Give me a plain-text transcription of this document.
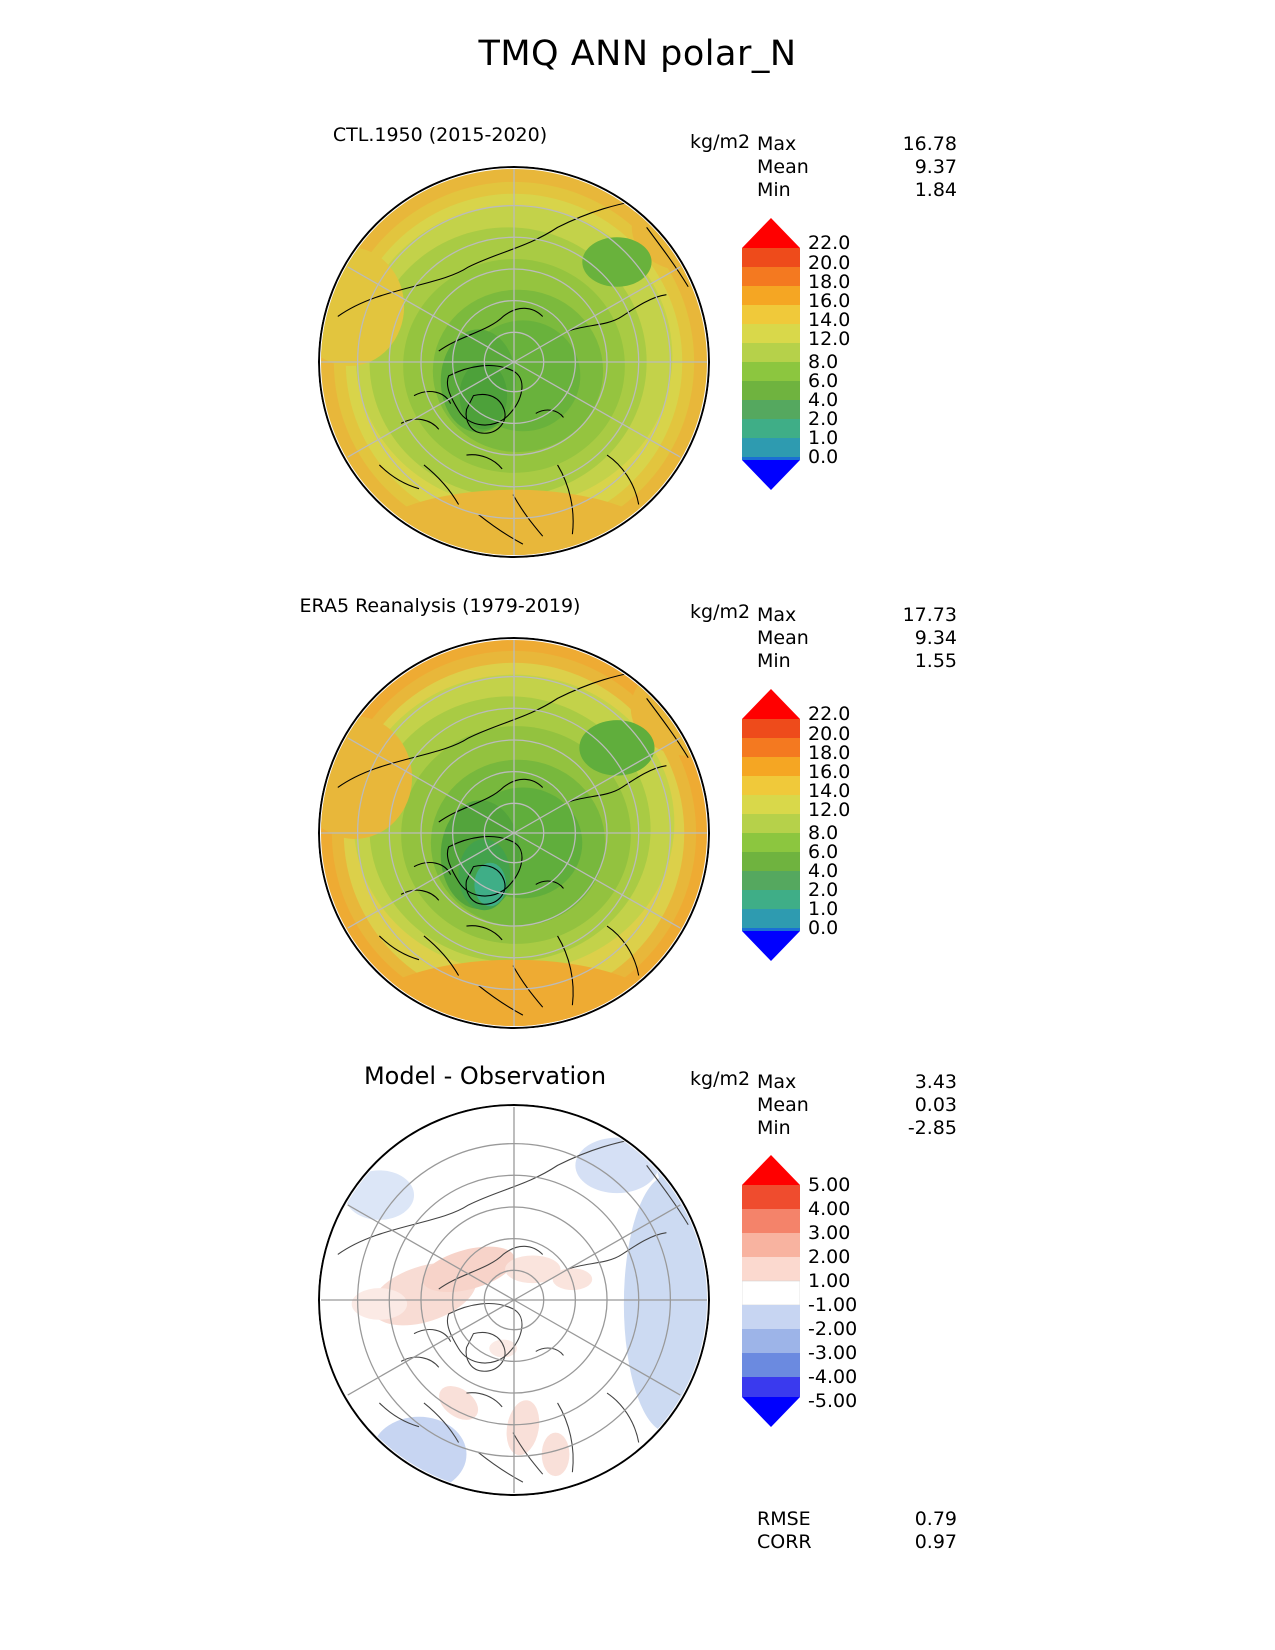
TMQ ANN polar_N
CTL.1950 (2015-2020)	kg/m2 Max	16.78
Mean	9.37
Min	1.84
22.0
20.0
18.0
16.0
14.0
12.0
8.0
6.0
4.0
2.0
1.0
0.0
ERA5 Reanalysis (1979-2019)	kg/m2 Max	17.73
Mean	9.34
Min	1.55
22.0
20.0
18.0
16.0
14.0
12.0
8.0
6.0
4.0
2.0
1.0
0.0
Model - Observation	kg/m2 Max	3.43
Mean	0.03
Min	-2.85
5.00
4.00
3.00
2.00
1.00
-1.00
-2.00
-3.00
-4.00
-5.00
RMSE	0.79
CORR	0.97
